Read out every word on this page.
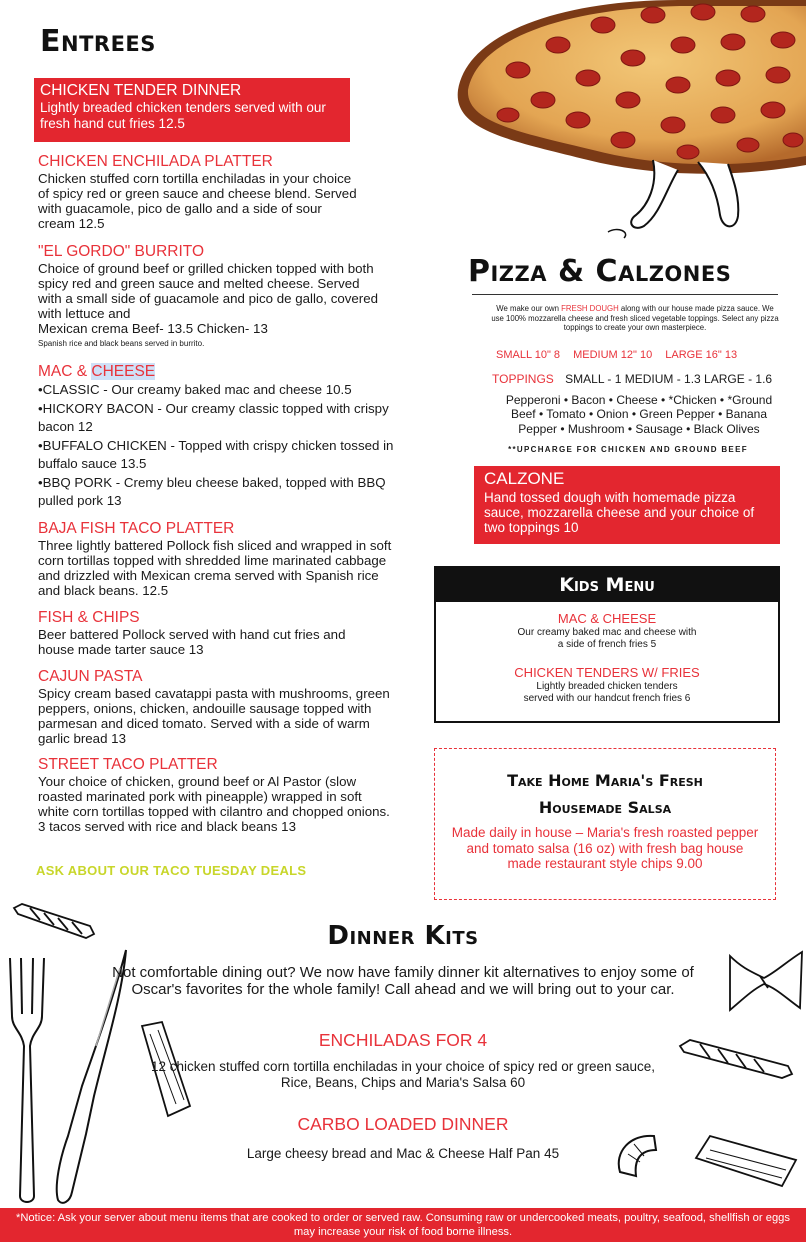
Entrees
CHICKEN TENDER DINNER
Lightly breaded chicken tenders served with our fresh hand cut fries 12.5
CHICKEN ENCHILADA PLATTER
Chicken stuffed corn tortilla enchiladas in your choice of spicy red or green sauce and cheese blend. Served with guacamole, pico de gallo and a side of sour cream 12.5
"EL GORDO" BURRITO
Choice of ground beef or grilled chicken topped with both spicy red and green sauce and melted cheese. Served with a small side of guacamole and pico de gallo, covered with lettuce and
Mexican crema Beef- 13.5 Chicken- 13
Spanish rice and black beans served in burrito.
MAC & CHEESE
•CLASSIC - Our creamy baked mac and cheese 10.5
•HICKORY BACON - Our creamy classic topped with crispy bacon 12
•BUFFALO CHICKEN - Topped with crispy chicken tossed in buffalo sauce 13.5
•BBQ PORK - Cremy bleu cheese baked, topped with BBQ pulled pork 13
BAJA FISH TACO PLATTER
Three lightly battered Pollock fish sliced and wrapped in soft corn tortillas topped with shredded lime marinated cabbage and drizzled with Mexican crema served with Spanish rice and black beans. 12.5
FISH & CHIPS
Beer battered Pollock served with hand cut fries and house made tarter sauce 13
CAJUN PASTA
Spicy cream based cavatappi pasta with mushrooms, green peppers, onions, chicken, andouille sausage topped with parmesan and diced tomato. Served with a side of warm garlic bread 13
STREET TACO PLATTER
Your choice of chicken, ground beef or Al Pastor (slow roasted marinated pork with pineapple) wrapped in soft white corn tortillas topped with cilantro and chopped onions. 3 tacos served with rice and black beans 13
ASK ABOUT OUR TACO TUESDAY DEALS
Pizza & Calzones
We make our own FRESH DOUGH along with our house made pizza sauce. We use 100% mozzarella cheese and fresh sliced vegetable toppings. Select any pizza toppings to create your own masterpiece.
SMALL 10" 8 MEDIUM 12" 10 LARGE 16" 13
TOPPINGS SMALL - 1 MEDIUM - 1.3 LARGE - 1.6
Pepperoni • Bacon • Cheese • *Chicken • *Ground Beef • Tomato • Onion • Green Pepper • Banana Pepper • Mushroom • Sausage • Black Olives
**UPCHARGE FOR CHICKEN AND GROUND BEEF
CALZONE
Hand tossed dough with homemade pizza sauce, mozzarella cheese and your choice of two toppings 10
Kids Menu
MAC & CHEESE
Our creamy baked mac and cheese with a side of french fries 5
CHICKEN TENDERS W/ FRIES
Lightly breaded chicken tenders served with our handcut french fries 6
Take Home Maria's Fresh
Housemade Salsa
Made daily in house – Maria's fresh roasted pepper and tomato salsa (16 oz) with fresh bag house made restaurant style chips 9.00
Dinner Kits
Not comfortable dining out? We now have family dinner kit alternatives to enjoy some of Oscar's favorites for the whole family! Call ahead and we will bring out to your car.
ENCHILADAS FOR 4
12 chicken stuffed corn tortilla enchiladas in your choice of spicy red or green sauce, Rice, Beans, Chips and Maria's Salsa 60
CARBO LOADED DINNER
Large cheesy bread and Mac & Cheese Half Pan 45
*Notice: Ask your server about menu items that are cooked to order or served raw. Consuming raw or undercooked meats, poultry, seafood, shellfish or eggs may increase your risk of food borne illness.
